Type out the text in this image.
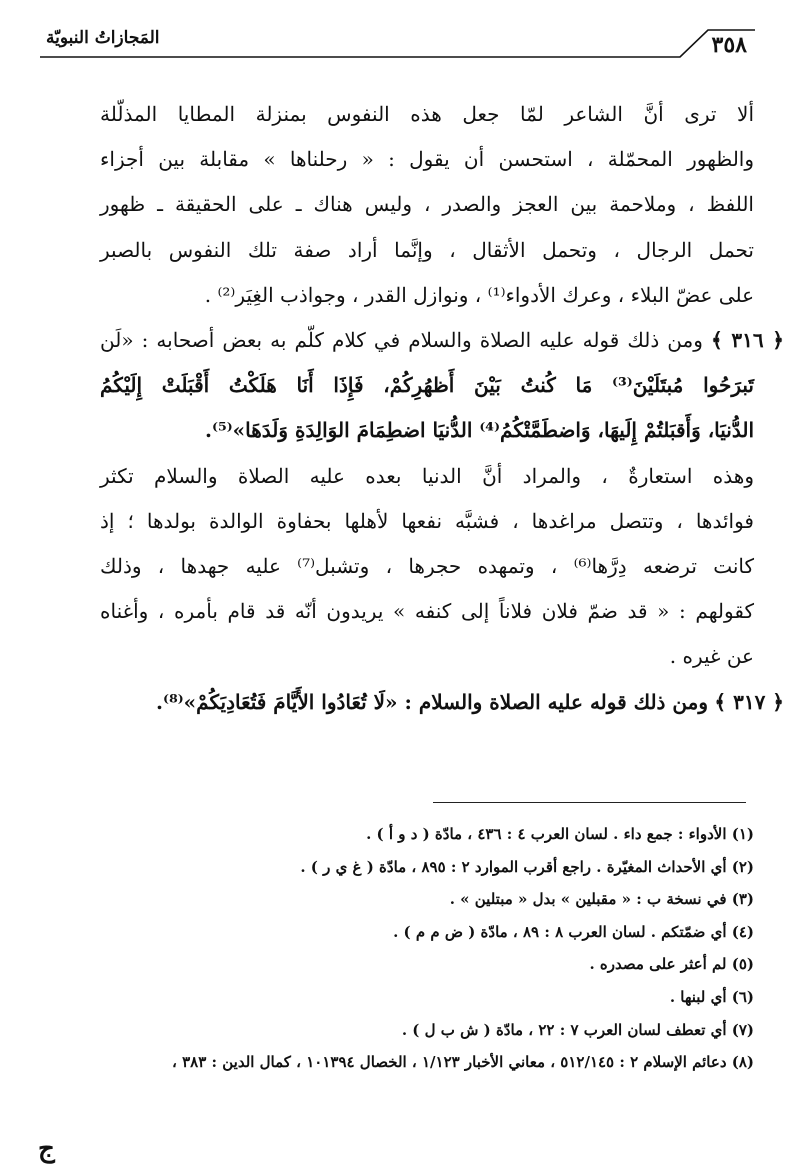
المَجازاتُ النبويّة	٣٥٨

ألا ترى أنَّ الشاعر لمّا جعل هذه النفوس بمنزلة المطايا المذلّلة

والظهور المحمّلة ، استحسن أن يقول : « رحلناها » مقابلة بين أجزاء

اللفظ ، وملاحمة بين العجز والصدر ، وليس هناك ـ على الحقيقة ـ ظهور

تحمل الرجال ، وتحمل الأثقال ، وإنَّما أراد صفة تلك النفوس بالصبر

على عضّ البلاء ، وعرك الأدواء⁽¹⁾ ، ونوازل القدر ، وجواذب الغِيَر⁽²⁾ .

﴿ ٣١٦ ﴾ ومن ذلك قوله عليه الصلاة والسلام في كلام كلّم به بعض أصحابه : «لَن

تَبرَحُوا مُبتَلَيْنَ⁽³⁾ مَا كُنتُ بَيْنَ أَظهُرِكُمْ، فَإِذَا أَنَا هَلَكْتُ أَقْبَلَتْ إِلَيْكُمُ

الدُّنيَا، وَأَقبَلتُمْ إِلَيهَا، وَاضطَمَّتْكُمُ⁽⁴⁾ الدُّنيَا اضطِمَامَ الوَالِدَةِ وَلَدَهَا»⁽⁵⁾.

وهذه استعارةٌ ، والمراد أنَّ الدنيا بعده عليه الصلاة والسلام تكثر

فوائدها ، وتتصل مراغدها ، فشبَّه نفعها لأهلها بحفاوة الوالدة بولدها ؛ إذ

كانت ترضعه دِرَّها⁽⁶⁾ ، وتمهده حجرها ، وتشبل⁽⁷⁾ عليه جهدها ، وذلك

كقولهم : « قد ضمّ فلان فلاناً إلى كنفه » يريدون أنّه قد قام بأمره ، وأغناه

عن غيره .

﴿ ٣١٧ ﴾ ومن ذلك قوله عليه الصلاة والسلام : «لَا تُعَادُوا الأَيَّامَ فَتُعَادِيَكُمْ»⁽⁸⁾.

(١) الأدواء : جمع داء . لسان العرب ٤ : ٤٣٦ ، مادّة ( د و أ ) .
(٢) أي الأحداث المغيّرة . راجع أقرب الموارد ٢ : ٨٩٥ ، مادّة ( غ ي ر ) .
(٣) في نسخة ب : « مقبلين » بدل « مبتلين » .
(٤) أي ضمّتكم . لسان العرب ٨ : ٨٩ ، مادّة ( ض م م ) .
(٥) لم أعثر على مصدره .
(٦) أي لبنها .
(٧) أي تعطف لسان العرب ٧ : ٢٢ ، مادّة ( ش ب ل ) .
(٨) دعائم الإسلام ٢ : ٥١٢/١٤٥ ، معاني الأخبار ١/١٢٣ ، الخصال ١٠١٣٩٤ ، كمال الدين : ٣٨٣ ،
ج
